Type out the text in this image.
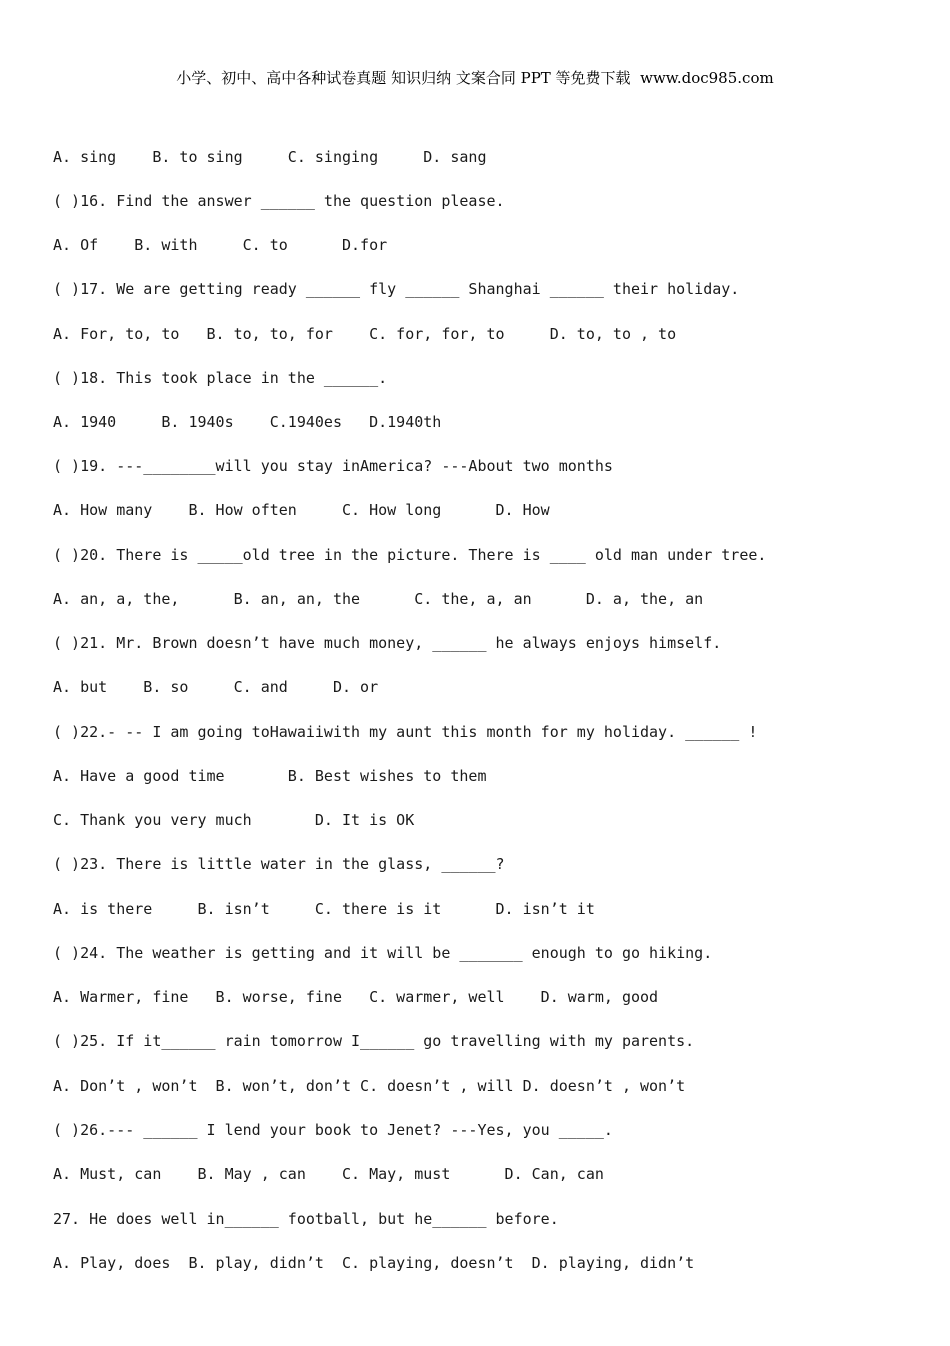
小学、初中、高中各种试卷真题 知识归纳 文案合同 PPT 等免费下载  www.doc985.com
A. sing    B. to sing     C. singing     D. sang
( )16. Find the answer ______ the question please.
A. Of    B. with     C. to      D.for
( )17. We are getting ready ______ fly ______ Shanghai ______ their holiday.
A. For, to, to   B. to, to, for    C. for, for, to     D. to, to , to
( )18. This took place in the ______.
A. 1940     B. 1940s    C.1940es   D.1940th
( )19. ---________will you stay inAmerica? ---About two months
A. How many    B. How often     C. How long      D. How
( )20. There is _____old tree in the picture. There is ____ old man under tree.
A. an, a, the,      B. an, an, the      C. the, a, an      D. a, the, an
( )21. Mr. Brown doesn’t have much money, ______ he always enjoys himself.
A. but    B. so     C. and     D. or
( )22.- -- I am going toHawaiiwith my aunt this month for my holiday. ______ !
A. Have a good time       B. Best wishes to them
C. Thank you very much       D. It is OK
( )23. There is little water in the glass, ______?
A. is there     B. isn’t     C. there is it      D. isn’t it
( )24. The weather is getting and it will be _______ enough to go hiking.
A. Warmer, fine   B. worse, fine   C. warmer, well    D. warm, good
( )25. If it______ rain tomorrow I______ go travelling with my parents.
A. Don’t , won’t  B. won’t, don’t C. doesn’t , will D. doesn’t , won’t
( )26.--- ______ I lend your book to Jenet? ---Yes, you _____.
A. Must, can    B. May , can    C. May, must      D. Can, can
27. He does well in______ football, but he______ before.
A. Play, does  B. play, didn’t  C. playing, doesn’t  D. playing, didn’t
